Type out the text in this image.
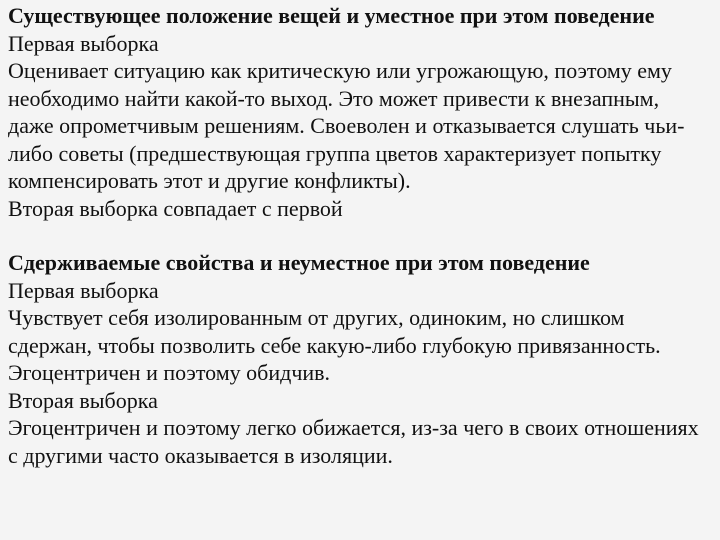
Существующее положение вещей и уместное при этом поведение

Первая выборка

Оценивает ситуацию как критическую или угрожающую, поэтому ему необходимо найти какой-то выход. Это может привести к внезапным, даже опрометчивым решениям. Своеволен и отказывается слушать чьи-либо советы (предшествующая группа цветов характеризует попытку компенсировать этот и другие конфликты).

Вторая выборка совпадает с первой

Сдерживаемые свойства и неуместное при этом поведение

Первая выборка

Чувствует себя изолированным от других, одиноким, но слишком сдержан, чтобы позволить себе какую-либо глубокую привязанность. Эгоцентричен и поэтому обидчив.

Вторая выборка

Эгоцентричен и поэтому легко обижается, из-за чего в своих отношениях с другими часто оказывается в изоляции.
